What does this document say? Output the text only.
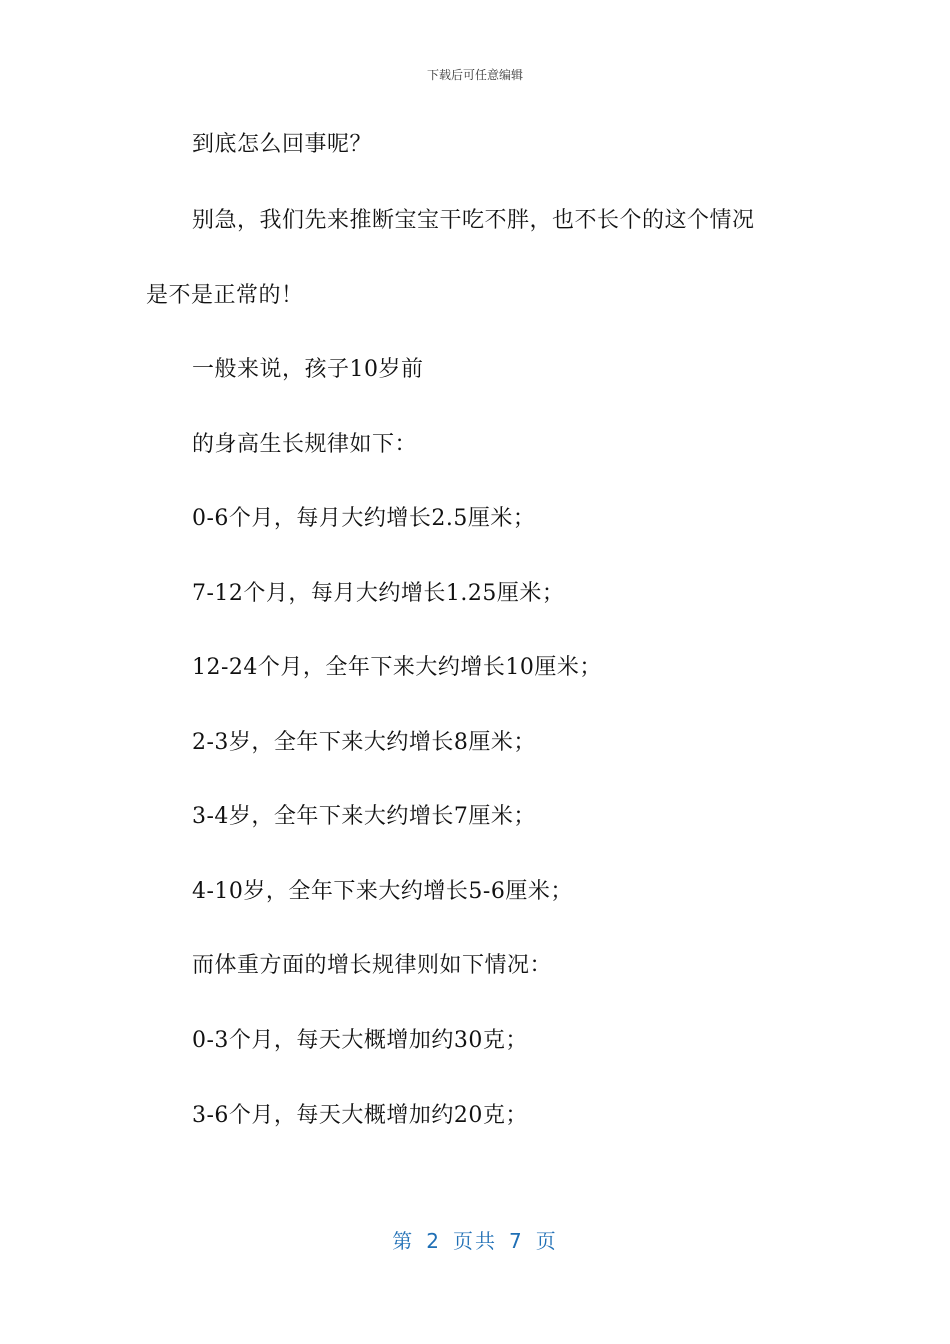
下载后可任意编辑
到底怎么回事呢？
别急，我们先来推断宝宝干吃不胖，也不长个的这个情况
是不是正常的！
一般来说，孩子10岁前
的身高生长规律如下：
0-6个月，每月大约增长2.5厘米；
7-12个月，每月大约增长1.25厘米；
12-24个月，全年下来大约增长10厘米；
2-3岁，全年下来大约增长8厘米；
3-4岁，全年下来大约增长7厘米；
4-10岁，全年下来大约增长5-6厘米；
而体重方面的增长规律则如下情况：
0-3个月，每天大概增加约30克；
3-6个月，每天大概增加约20克；
第 2 页共 7 页
